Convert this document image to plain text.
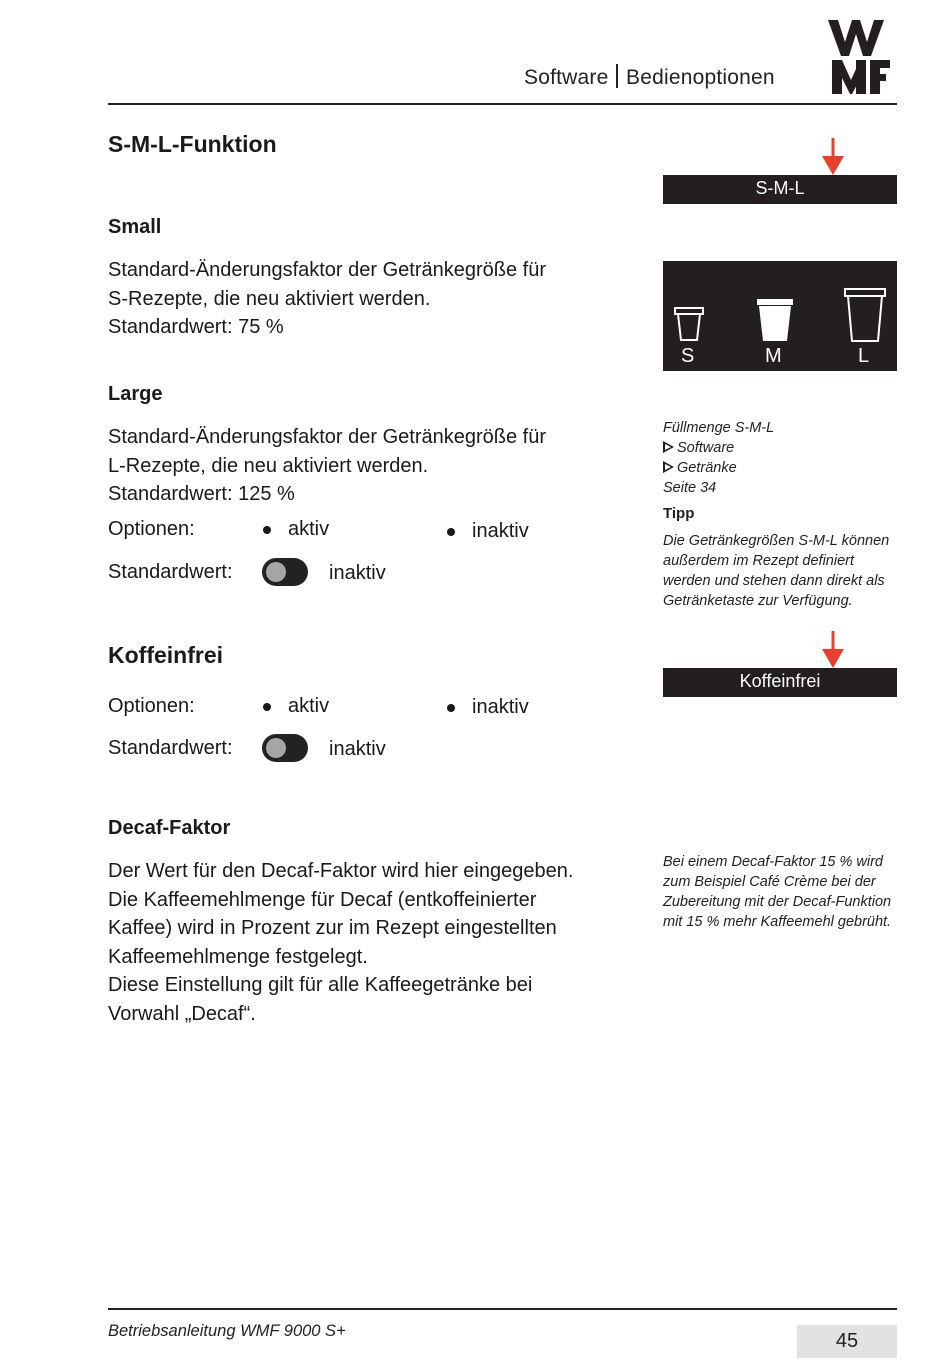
Software Bedienoptionen
S-M-L-Funktion
Small

Standard-Änderungsfaktor der Getränkegröße für

S-Rezepte, die neu aktiviert werden.

Standardwert: 75 %

Large

Standard-Änderungsfaktor der Getränkegröße für

L-Rezepte, die neu aktiviert werden.

Standardwert: 125 %

Optionen:	aktiv	inaktiv
Standardwert:	inaktiv
Koffeinfrei
Optionen:	aktiv	inaktiv
Standardwert:	inaktiv
Decaf-Faktor

Der Wert für den Decaf-Faktor wird hier eingegeben.

Die Kaffeemehlmenge für Decaf (entkoffeinierter

Kaffee) wird in Prozent zur im Rezept eingestellten

Kaffeemehlmenge festgelegt.

Diese Einstellung gilt für alle Kaffeegetränke bei

Vorwahl „Decaf“.

S-M-L
S	M	L

Füllmenge S-M-L

Software

Getränke

Seite 34

Tipp

Die Getränkegrößen S-M-L können

außerdem im Rezept definiert

werden und stehen dann direkt als

Getränketaste zur Verfügung.

Koffeinfrei

Bei einem Decaf-Faktor 15 % wird

zum Beispiel Café Crème bei der

Zubereitung mit der Decaf-Funktion

mit 15 % mehr Kaffeemehl gebrüht.

Betriebsanleitung WMF 9000 S+	45
